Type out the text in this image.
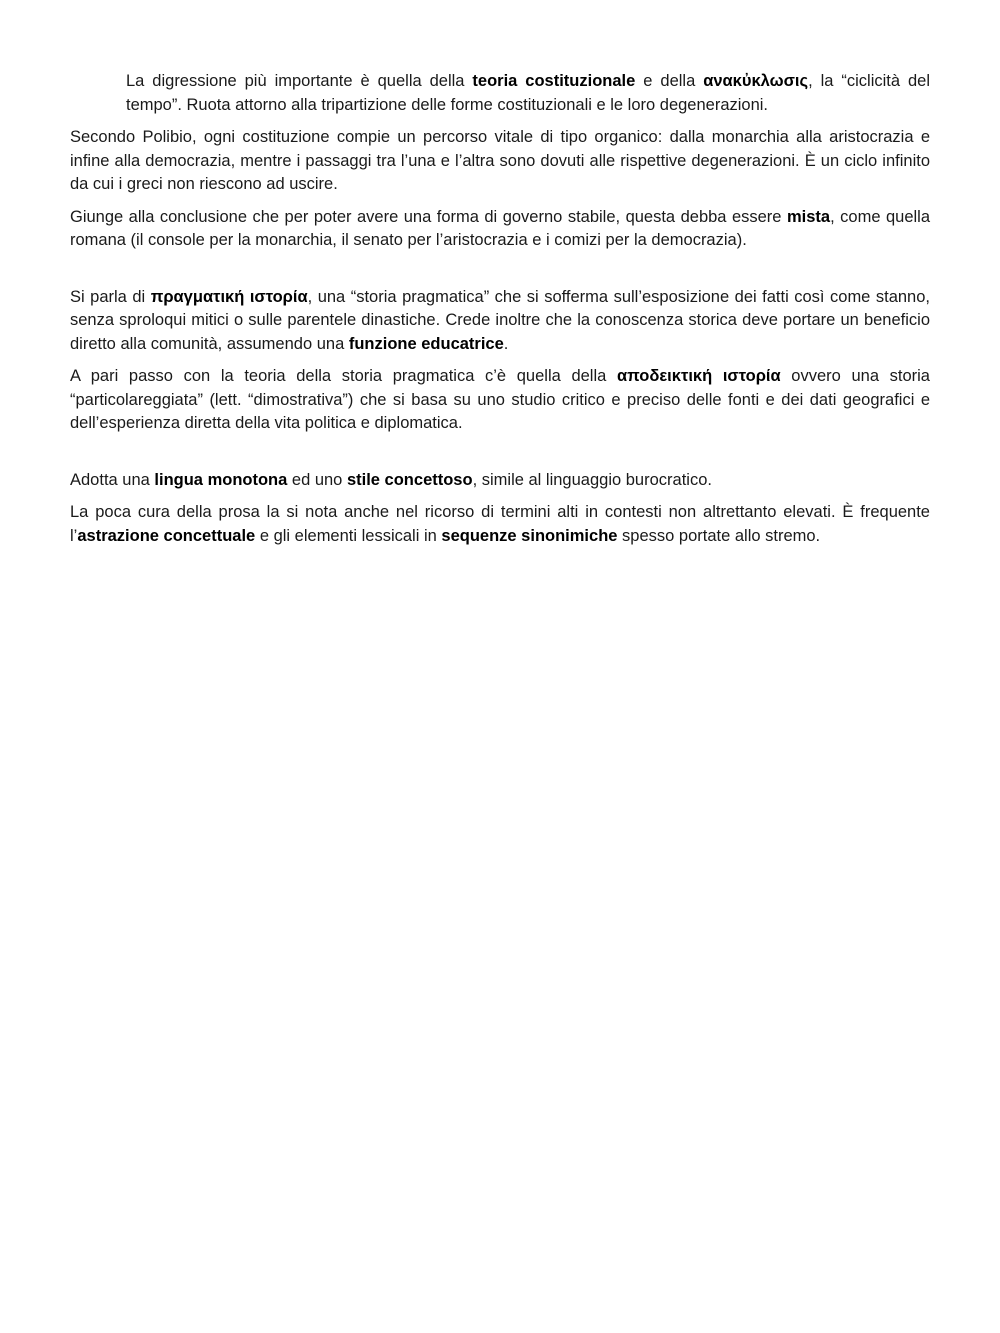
La digressione più importante è quella della teoria costituzionale e della ανακὐκλωσις, la “ciclicità del tempo”. Ruota attorno alla tripartizione delle forme costituzionali e le loro degenerazioni.

Secondo Polibio, ogni costituzione compie un percorso vitale di tipo organico: dalla monarchia alla aristocrazia e infine alla democrazia, mentre i passaggi tra l’una e l’altra sono dovuti alle rispettive degenerazioni. È un ciclo infinito da cui i greci non riescono ad uscire.

Giunge alla conclusione che per poter avere una forma di governo stabile, questa debba essere mista, come quella romana (il console per la monarchia, il senato per l’aristocrazia e i comizi per la democrazia).

Si parla di πραγματική ιστορία, una “storia pragmatica” che si sofferma sull’esposizione dei fatti così come stanno, senza sproloqui mitici o sulle parentele dinastiche. Crede inoltre che la conoscenza storica deve portare un beneficio diretto alla comunità, assumendo una funzione educatrice.

A pari passo con la teoria della storia pragmatica c’è quella della αποδεικτική ιστορία ovvero una storia “particolareggiata” (lett. “dimostrativa”) che si basa su uno studio critico e preciso delle fonti e dei dati geografici e dell’esperienza diretta della vita politica e diplomatica.

Adotta una lingua monotona ed uno stile concettoso, simile al linguaggio burocratico.

La poca cura della prosa la si nota anche nel ricorso di termini alti in contesti non altrettanto elevati. È frequente l’astrazione concettuale e gli elementi lessicali in sequenze sinonimiche spesso portate allo stremo.
